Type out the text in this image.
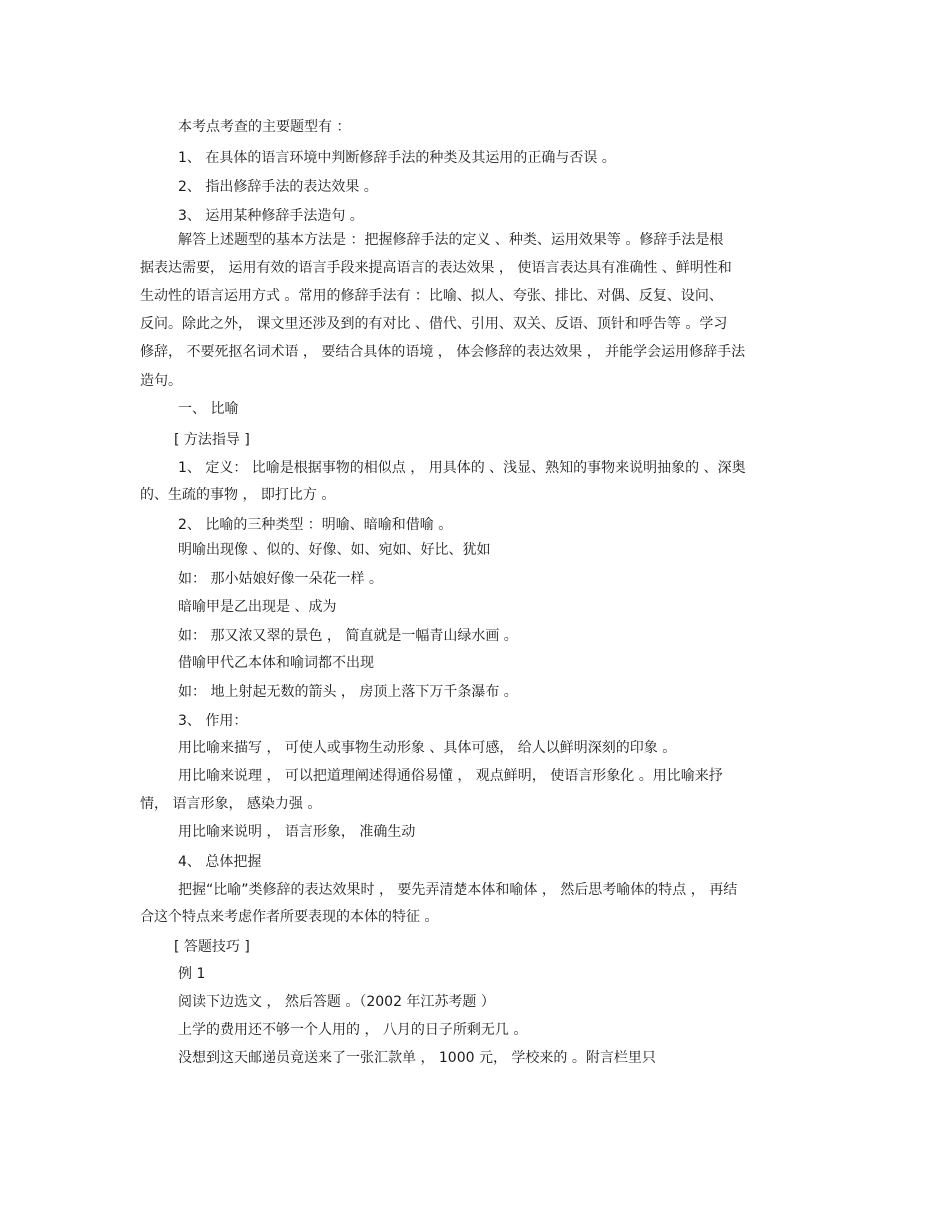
本考点考查的主要题型有 ：
1、 在具体的语言环境中判断修辞手法的种类及其运用的正确与否误 。
2、 指出修辞手法的表达效果 。
3、 运用某种修辞手法造句 。
解答上述题型的基本方法是 ：把握修辞手法的定义 、种类、运用效果等 。修辞手法是根
据表达需要， 运用有效的语言手段来提高语言的表达效果 ， 使语言表达具有准确性 、鲜明性和
生动性的语言运用方式 。常用的修辞手法有 ：比喻、拟人、夸张、排比、对偶、反复、设问、
反问。除此之外， 课文里还涉及到的有对比 、借代、引用、双关、反语、顶针和呼告等 。学习
修辞， 不要死抠名词术语 ， 要结合具体的语境 ， 体会修辞的表达效果 ， 并能学会运用修辞手法
造句。
一、 比喻
[ 方法指导 ]
1、 定义： 比喻是根据事物的相似点 ， 用具体的 、浅显、熟知的事物来说明抽象的 、深奥
的、生疏的事物 ， 即打比方 。
2、 比喻的三种类型 ：明喻、暗喻和借喻 。
明喻出现像 、似的、好像、如、宛如、好比、犹如
如： 那小姑娘好像一朵花一样 。
暗喻甲是乙出现是 、成为
如： 那又浓又翠的景色 ， 简直就是一幅青山绿水画 。
借喻甲代乙本体和喻词都不出现
如： 地上射起无数的箭头 ， 房顶上落下万千条瀑布 。
3、 作用：
用比喻来描写 ， 可使人或事物生动形象 、具体可感， 给人以鲜明深刻的印象 。
用比喻来说理 ， 可以把道理阐述得通俗易懂 ， 观点鲜明， 使语言形象化 。用比喻来抒
情， 语言形象， 感染力强 。
用比喻来说明 ， 语言形象， 准确生动
4、 总体把握
把握“比喻”类修辞的表达效果时 ， 要先弄清楚本体和喻体 ， 然后思考喻体的特点 ， 再结
合这个特点来考虑作者所要表现的本体的特征 。
[ 答题技巧 ]
例 1
阅读下边选文 ， 然后答题 。（2002 年江苏考题 ）
上学的费用还不够一个人用的 ， 八月的日子所剩无几 。
没想到这天邮递员竟送来了一张汇款单 ， 1000 元， 学校来的 。附言栏里只
